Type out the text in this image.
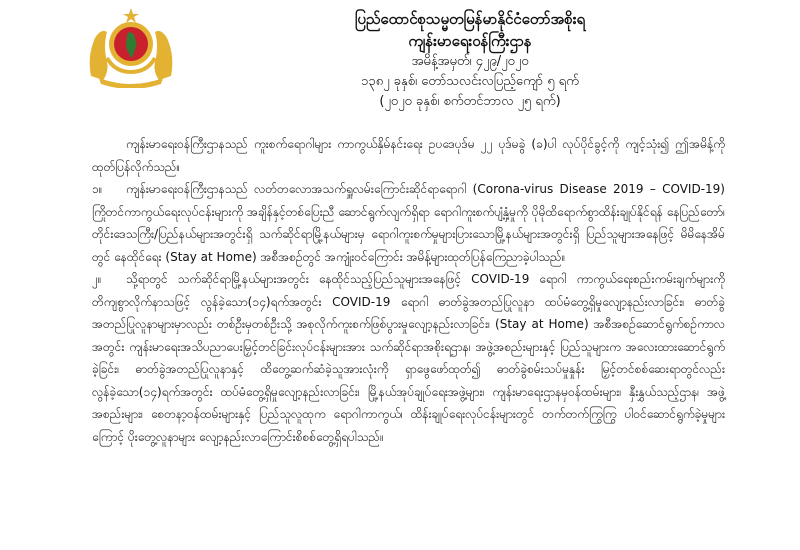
ပြည်ထောင်စုသမ္မတမြန်မာနိုင်ငံတော်အစိုးရ
ကျန်းမာရေးဝန်ကြီးဌာန
အမိန့်အမှတ်၊ ၄၂၉/၂၀၂၀
၁၃၈၂ ခုနှစ်၊ တော်သလင်းလပြည့်ကျော် ၅ ရက်
(၂၀၂၀ ခုနှစ်၊ စက်တင်ဘာလ ၂၅ ရက်)

ကျန်းမာရေးဝန်ကြီးဌာနသည် ကူးစက်ရောဂါများ ကာကွယ်နှိမ်နင်းရေး ဥပဒေပုဒ်မ ၂၂ ပုဒ်မခွဲ (ခ)ပါ လုပ်ပိုင်ခွင့်ကို ကျင့်သုံး၍ ဤအမိန့်ကို ထုတ်ပြန်လိုက်သည်။

၁။ ကျန်းမာရေးဝန်ကြီးဌာနသည် လတ်တလောအသက်ရှူလမ်းကြောင်းဆိုင်ရာရောဂါ (Corona-virus Disease 2019 – COVID-19) ကြိုတင်ကာကွယ်ရေးလုပ်ငန်းများကို အချိန်နှင့်တစ်ပြေးညီ ဆောင်ရွက်လျက်ရှိရာ ရောဂါကူးစက်ပျံ့နှံ့မှုကို ပိုမိုထိရောက်စွာထိန်းချုပ်နိုင်ရန် နေပြည်တော်၊ တိုင်းဒေသကြီး/ပြည်နယ်များအတွင်းရှိ သက်ဆိုင်ရာမြို့နယ်များမှ ရောဂါကူးစက်မှုများပြားသောမြို့နယ်များအတွင်းရှိ ပြည်သူများအနေဖြင့် မိမိနေအိမ်တွင် နေထိုင်ရေး (Stay at Home) အစီအစဉ်တွင် အကျုံးဝင်ကြောင်း အမိန့်များထုတ်ပြန်ကြေညာခဲ့ပါသည်။

၂။ သို့ရာတွင် သက်ဆိုင်ရာမြို့နယ်များအတွင်း နေထိုင်သည့်ပြည်သူများအနေဖြင့် COVID-19 ရောဂါ ကာကွယ်ရေးစည်းကမ်းချက်များကို တိကျစွာလိုက်နာသဖြင့် လွန်ခဲ့သော(၁၄)ရက်အတွင်း COVID-19 ရောဂါ ဓာတ်ခွဲအတည်ပြုလူနာ ထပ်မံတွေ့ရှိမှုလျော့နည်းလာခြင်း၊ ဓာတ်ခွဲအတည်ပြုလူနာများမှာလည်း တစ်ဦးမှတစ်ဦးသို့ အစုလိုက်ကူးစက်ဖြစ်ပွားမှုလျော့နည်းလာခြင်း၊ (Stay at Home) အစီအစဉ်ဆောင်ရွက်စဉ်ကာလအတွင်း ကျန်းမာရေးအသိပညာပေးမြှင့်တင်ခြင်းလုပ်ငန်းများအား သက်ဆိုင်ရာအစိုးရဌာန၊ အဖွဲ့အစည်းများနှင့် ပြည်သူများက အလေးထားဆောင်ရွက်ခဲ့ခြင်း၊ ဓာတ်ခွဲအတည်ပြုလူနာနှင့် ထိတွေ့ဆက်ဆံခဲ့သူအားလုံးကို ရှာဖွေဖော်ထုတ်၍ ဓာတ်ခွဲစမ်းသပ်မှုနှုန်း မြှင့်တင်စစ်ဆေးရာတွင်လည်း လွန်ခဲ့သော(၁၄)ရက်အတွင်း ထပ်မံတွေ့ရှိမှုလျော့နည်းလာခြင်း၊ မြို့နယ်အုပ်ချုပ်ရေးအဖွဲ့များ၊ ကျန်းမာရေးဌာနမှဝန်ထမ်းများ၊ နှီးနွှယ်သည့်ဌာန၊ အဖွဲ့အစည်းများ၊ စေတနာ့ဝန်ထမ်းများနှင့် ပြည်သူလူထုက ရောဂါကာကွယ်၊ ထိန်းချုပ်ရေးလုပ်ငန်းများတွင် တက်တက်ကြွကြွ ပါဝင်ဆောင်ရွက်ခဲ့မှုများကြောင့် ပိုးတွေ့လူနာများ လျော့နည်းလာကြောင်းစိစစ်တွေ့ရှိရပါသည်။
